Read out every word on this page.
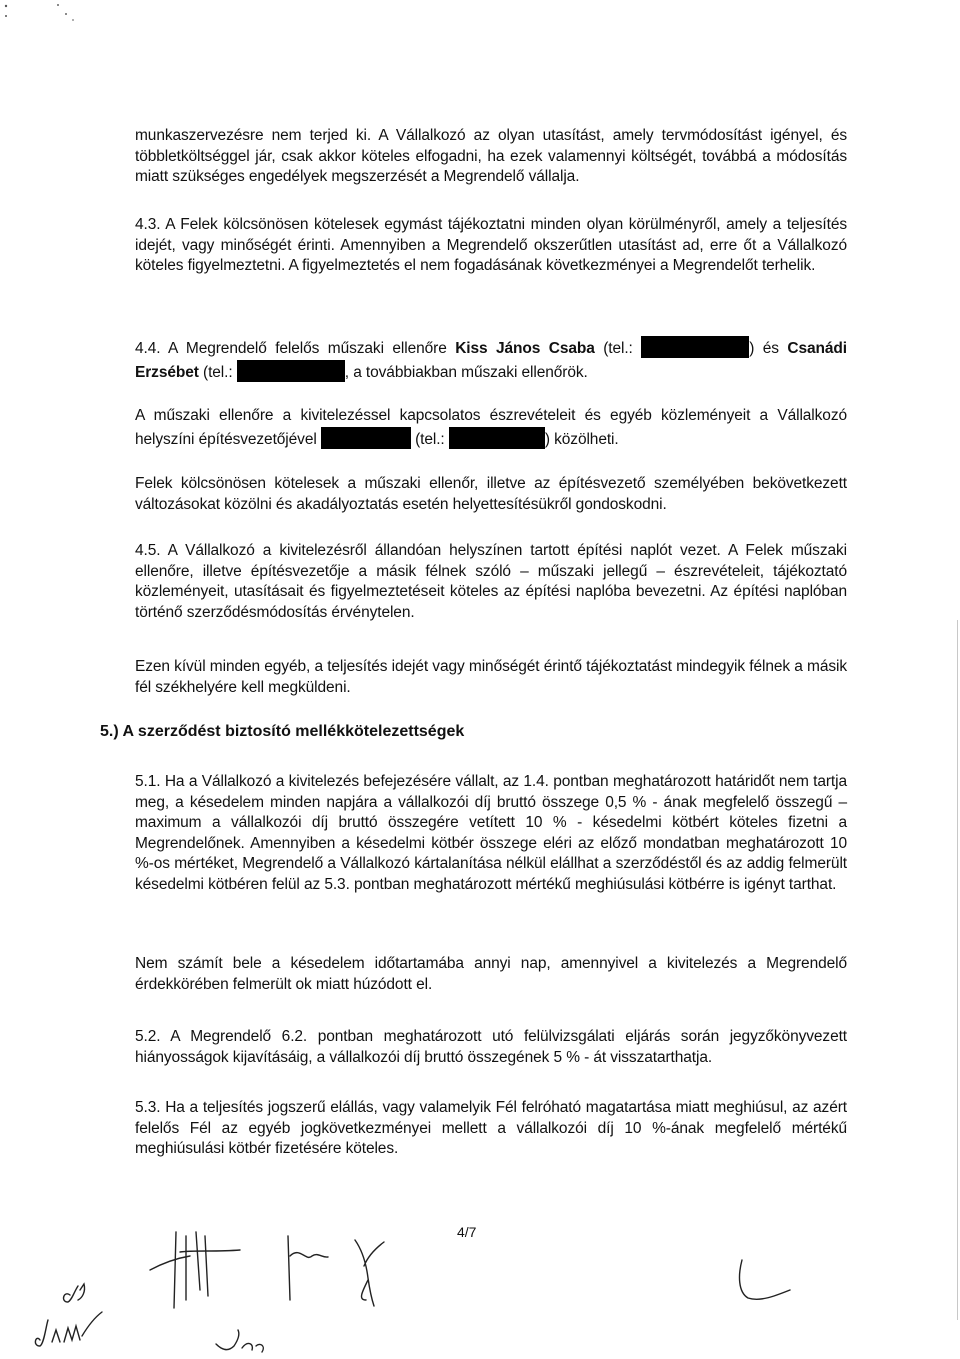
munkaszervezésre nem terjed ki. A Vállalkozó az olyan utasítást, amely tervmódosítást igényel, és többletköltséggel jár, csak akkor köteles elfogadni, ha ezek valamennyi költségét, továbbá a módosítás miatt szükséges engedélyek megszerzését a Megrendelő vállalja.
4.3. A Felek kölcsönösen kötelesek egymást tájékoztatni minden olyan körülményről, amely a teljesítés idejét, vagy minőségét érinti. Amennyiben a Megrendelő okszerűtlen utasítást ad, erre őt a Vállalkozó köteles figyelmeztetni. A figyelmeztetés el nem fogadásának következményei a Megrendelőt terhelik.
4.4. A Megrendelő felelős műszaki ellenőre Kiss János Csaba (tel.:	) és Csanádi Erzsébet (tel.:	, a továbbiakban műszaki ellenőrök.
A műszaki ellenőre a kivitelezéssel kapcsolatos észrevételeit és egyéb közleményeit a Vállalkozó helyszíni építésvezetőjével	(tel.:	) közölheti.
Felek kölcsönösen kötelesek a műszaki ellenőr, illetve az építésvezető személyében bekövetkezett változásokat közölni és akadályoztatás esetén helyettesítésükről gondoskodni.
4.5. A Vállalkozó a kivitelezésről állandóan helyszínen tartott építési naplót vezet. A Felek műszaki ellenőre, illetve építésvezetője a másik félnek szóló – műszaki jellegű – észrevételeit, tájékoztató közleményeit, utasításait és figyelmeztetéseit köteles az építési naplóba bevezetni. Az építési naplóban történő szerződésmódosítás érvénytelen.
Ezen kívül minden egyéb, a teljesítés idejét vagy minőségét érintő tájékoztatást mindegyik félnek a másik fél székhelyére kell megküldeni.
5.) A szerződést biztosító mellékkötelezettségek
5.1. Ha a Vállalkozó a kivitelezés befejezésére vállalt, az 1.4. pontban meghatározott határidőt nem tartja meg, a késedelem minden napjára a vállalkozói díj bruttó összege 0,5 % - ának megfelelő összegű – maximum a vállalkozói díj bruttó összegére vetített 10 % - késedelmi kötbért köteles fizetni a Megrendelőnek. Amennyiben a késedelmi kötbér összege eléri az előző mondatban meghatározott 10 %-os mértéket, Megrendelő a Vállalkozó kártalanítása nélkül elállhat a szerződéstől és az addig felmerült késedelmi kötbéren felül az 5.3. pontban meghatározott mértékű meghiúsulási kötbérre is igényt tarthat.
Nem számít bele a késedelem időtartamába annyi nap, amennyivel a kivitelezés a Megrendelő érdekkörében felmerült ok miatt húzódott el.
5.2. A Megrendelő 6.2. pontban meghatározott utó felülvizsgálati eljárás során jegyzőkönyvezett hiányosságok kijavításáig, a vállalkozói díj bruttó összegének 5 % - át visszatarthatja.
5.3. Ha a teljesítés jogszerű elállás, vagy valamelyik Fél felróható magatartása miatt meghiúsul, az azért felelős Fél az egyéb jogkövetkezményei mellett a vállalkozói díj 10 %-ának megfelelő mértékű meghiúsulási kötbér fizetésére köteles.
4/7
